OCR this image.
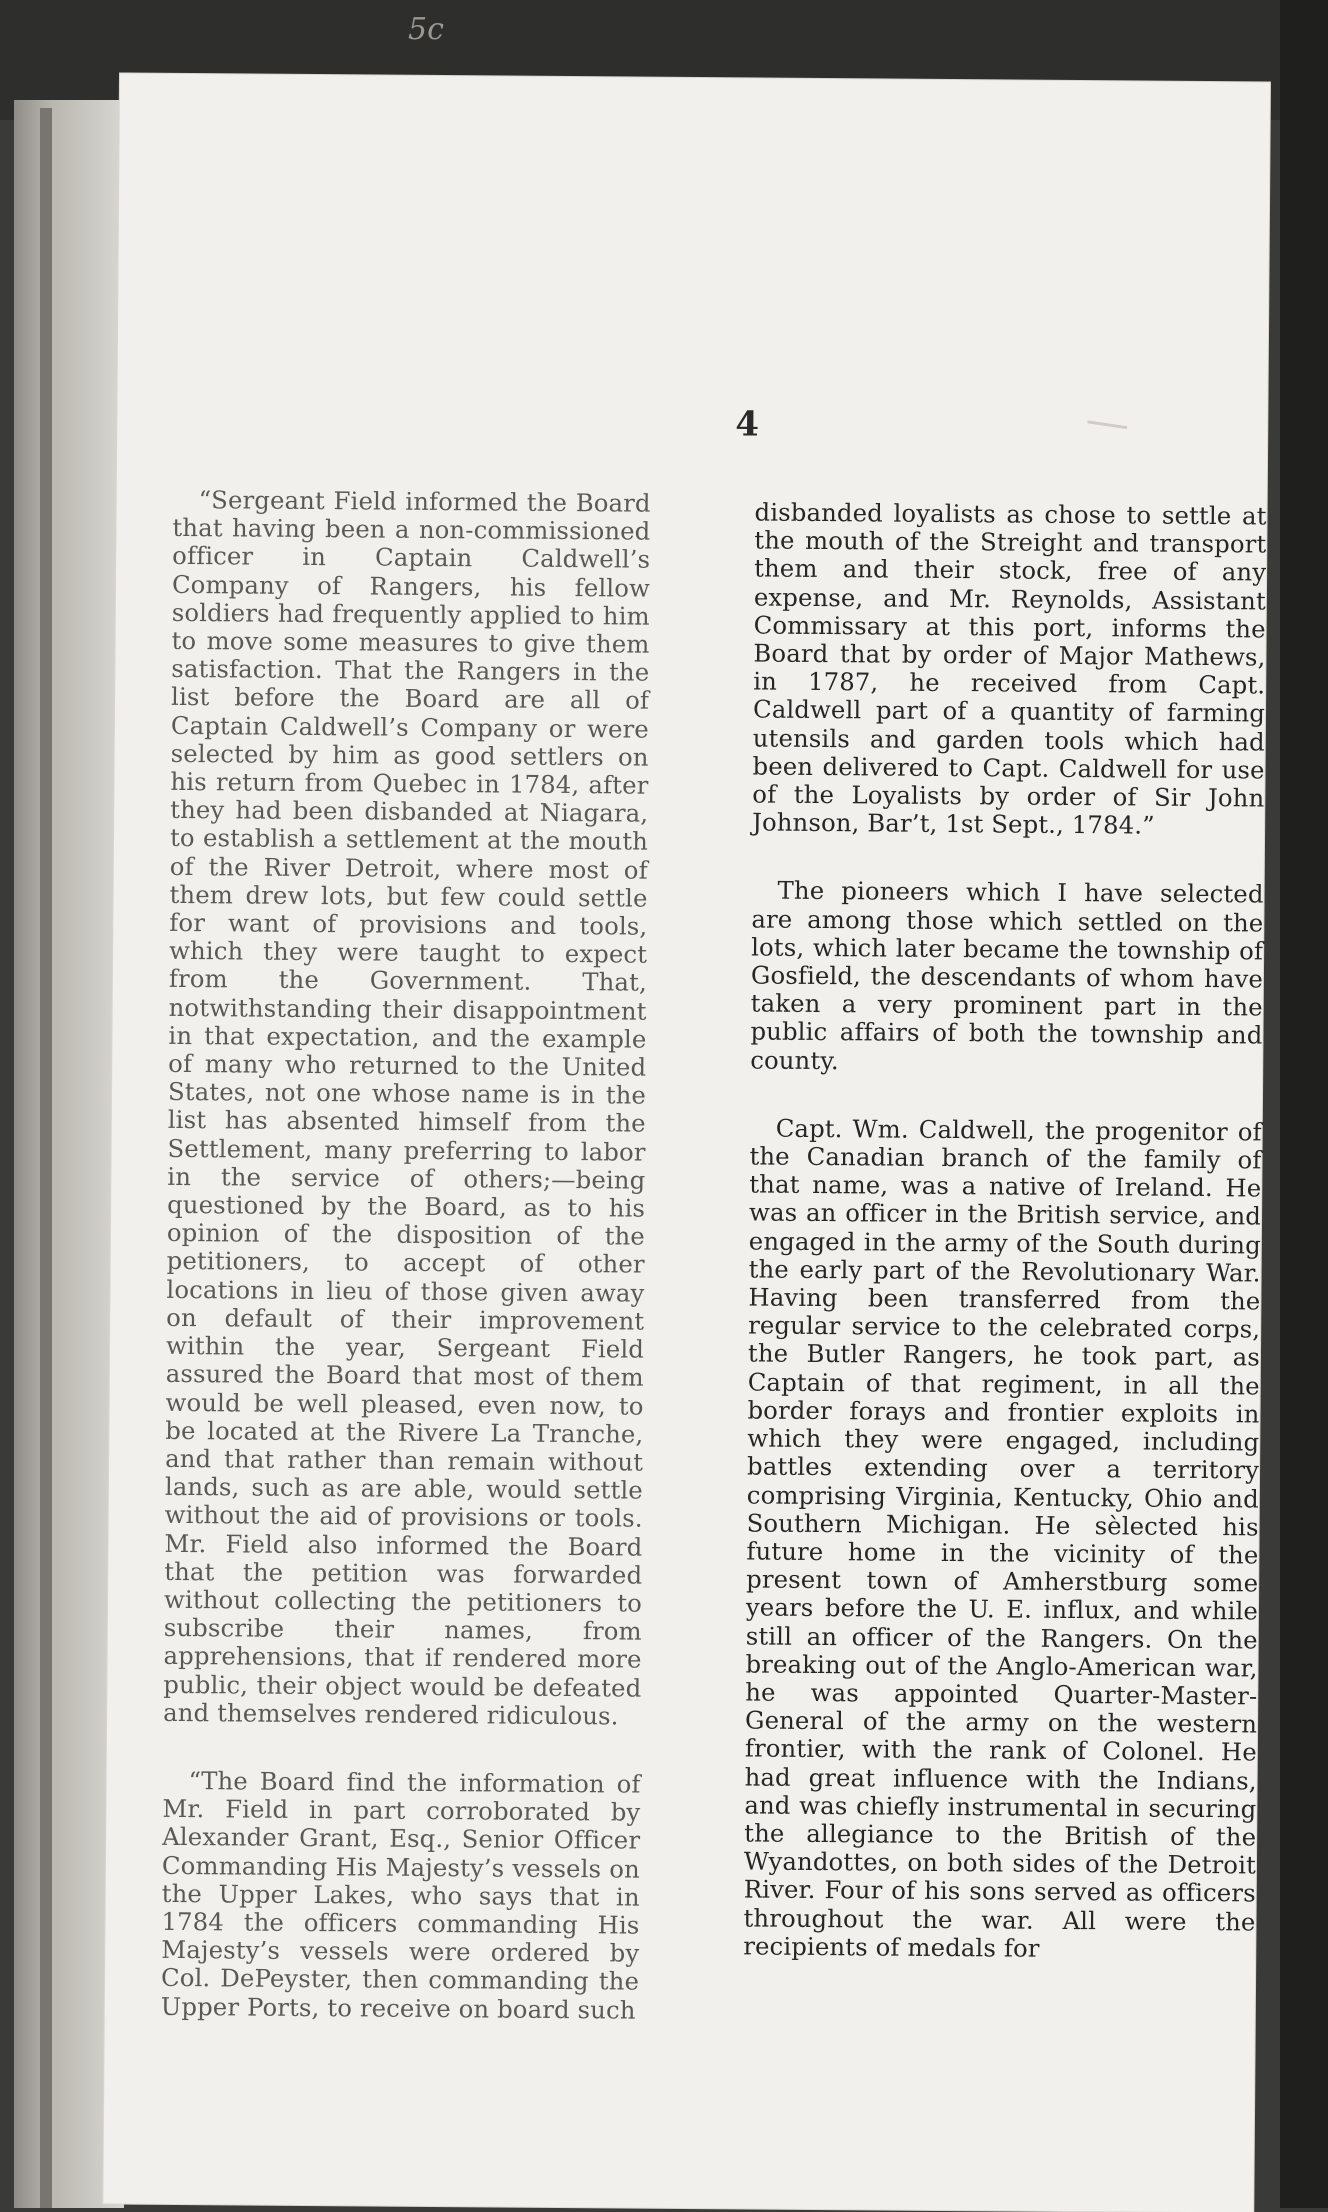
5c
4

“Sergeant Field informed the Board that having been a non-commissioned officer in Captain Caldwell’s Company of Rangers, his fellow soldiers had frequently applied to him to move some measures to give them satisfaction. That the Rangers in the list before the Board are all of Captain Caldwell’s Company or were selected by him as good settlers on his return from Quebec in 1784, after they had been disbanded at Niagara, to establish a settlement at the mouth of the River Detroit, where most of them drew lots, but few could settle for want of provisions and tools, which they were taught to expect from the Government. That, notwithstanding their disappointment in that expectation, and the example of many who returned to the United States, not one whose name is in the list has absented himself from the Settlement, many preferring to labor in the service of others;—being questioned by the Board, as to his opinion of the disposition of the petitioners, to accept of other locations in lieu of those given away on default of their improvement within the year, Sergeant Field assured the Board that most of them would be well pleased, even now, to be located at the Rivere La Tranche, and that rather than remain without lands, such as are able, would settle without the aid of provisions or tools. Mr. Field also informed the Board that the petition was forwarded without collecting the petitioners to subscribe their names, from apprehensions, that if rendered more public, their object would be defeated and themselves rendered ridiculous.

“The Board find the information of Mr. Field in part corroborated by Alexander Grant, Esq., Senior Officer Commanding His Majesty’s vessels on the Upper Lakes, who says that in 1784 the officers commanding His Majesty’s vessels were ordered by Col. DePeyster, then commanding the Upper Ports, to receive on board such

disbanded loyalists as chose to settle at the mouth of the Streight and transport them and their stock, free of any expense, and Mr. Reynolds, Assistant Commissary at this port, informs the Board that by order of Major Mathews, in 1787, he received from Capt. Caldwell part of a quantity of farming utensils and garden tools which had been delivered to Capt. Caldwell for use of the Loyalists by order of Sir John Johnson, Bar’t, 1st Sept., 1784.”

The pioneers which I have selected are among those which settled on the lots, which later became the township of Gosfield, the descendants of whom have taken a very prominent part in the public affairs of both the township and county.

Capt. Wm. Caldwell, the progenitor of the Canadian branch of the family of that name, was a native of Ireland. He was an officer in the British service, and engaged in the army of the South during the early part of the Revolutionary War. Having been transferred from the regular service to the celebrated corps, the Butler Rangers, he took part, as Captain of that regiment, in all the border forays and frontier exploits in which they were engaged, including battles extending over a territory comprising Virginia, Kentucky, Ohio and Southern Michigan. He sèlected his future home in the vicinity of the present town of Amherstburg some years before the U. E. influx, and while still an officer of the Rangers. On the breaking out of the Anglo-American war, he was appointed Quarter-Master-General of the army on the western frontier, with the rank of Colonel. He had great influence with the Indians, and was chiefly instrumental in securing the allegiance to the British of the Wyandottes, on both sides of the Detroit River. Four of his sons served as officers throughout the war. All were the recipients of medals for
